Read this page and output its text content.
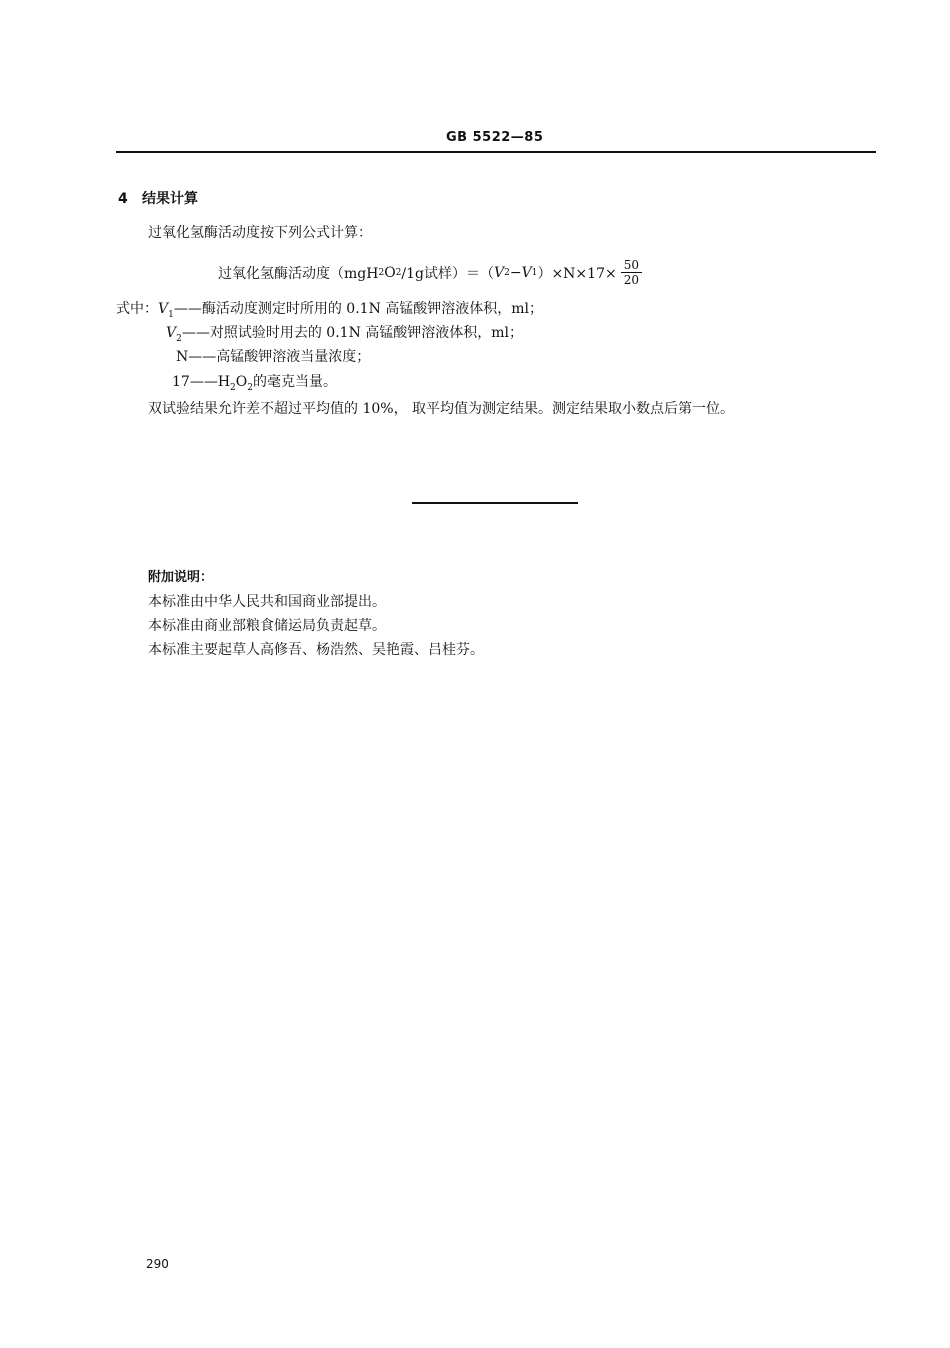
GB 5522—85
4 结果计算
过氧化氢酶活动度按下列公式计算：
过氧化氢酶活动度（mgH 2 O 2 /1g试样）＝（ V 2 − V 1 ）$\times N\times 17\times \frac{50}{20}$
式中：$V_1——$酶活动度测定时所用的 0.1N 高锰酸钾溶液体积，ml；
$V_2——$对照试验时用去的 0.1N 高锰酸钾溶液体积，ml；
N——高锰酸钾溶液当量浓度；
$17——H_2O_2$的毫克当量。
双试验结果允许差不超过平均值的 10%， 取平均值为测定结果。测定结果取小数点后第一位。
附加说明：
本标准由中华人民共和国商业部提出。
本标准由商业部粮食储运局负责起草。
本标准主要起草人高修吾、杨浩然、吴艳霞、吕桂芬。
290
